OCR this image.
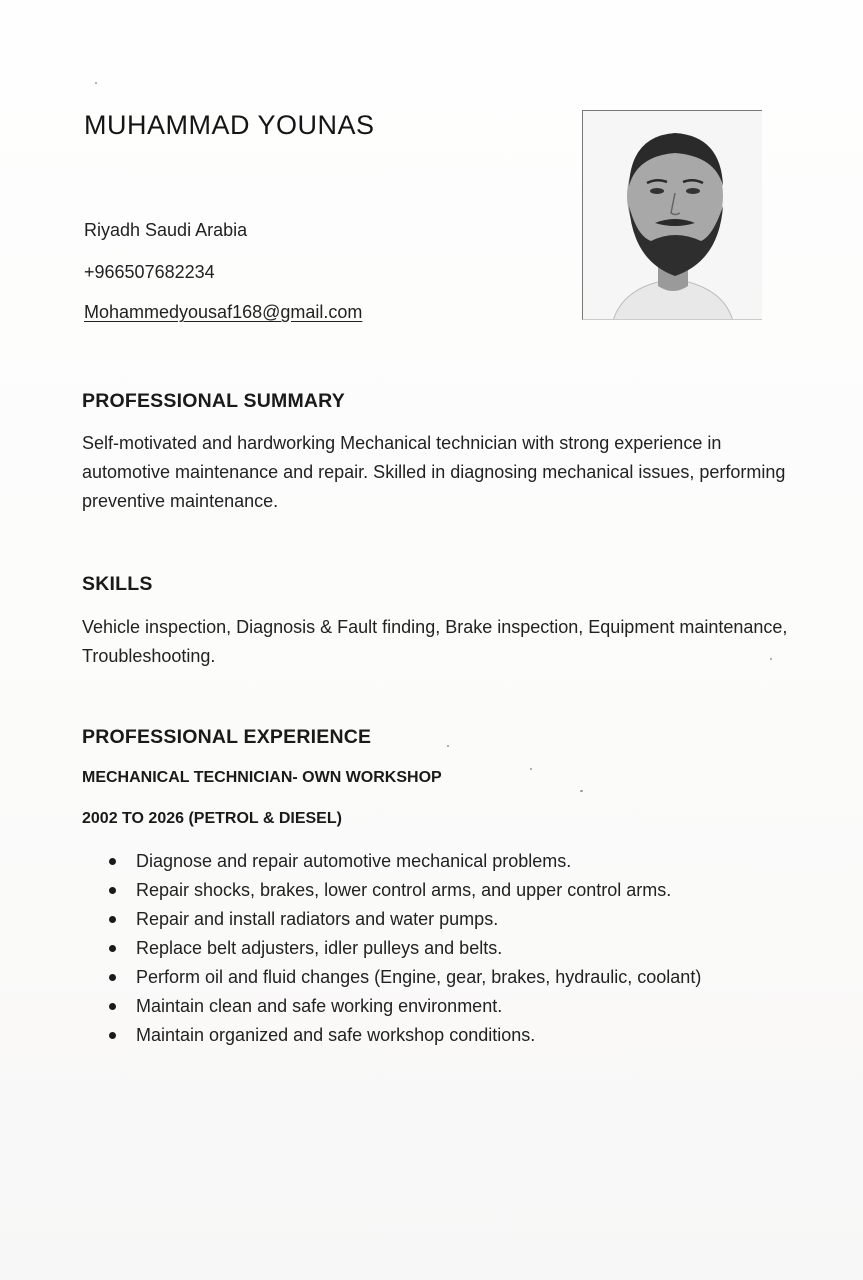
MUHAMMAD YOUNAS

Riyadh Saudi Arabia

+966507682234

Mohammedyousaf168@gmail.com

PROFESSIONAL SUMMARY

Self-motivated and hardworking Mechanical technician with strong experience in automotive maintenance and repair. Skilled in diagnosing mechanical issues, performing preventive maintenance.

SKILLS

Vehicle inspection, Diagnosis & Fault finding, Brake inspection, Equipment maintenance, Troubleshooting.

PROFESSIONAL EXPERIENCE
MECHANICAL TECHNICIAN- OWN WORKSHOP
2002 TO 2026 (PETROL & DIESEL)
Diagnose and repair automotive mechanical problems.
Repair shocks, brakes, lower control arms, and upper control arms.
Repair and install radiators and water pumps.
Replace belt adjusters, idler pulleys and belts.
Perform oil and fluid changes (Engine, gear, brakes, hydraulic, coolant)
Maintain clean and safe working environment.
Maintain organized and safe workshop conditions.
